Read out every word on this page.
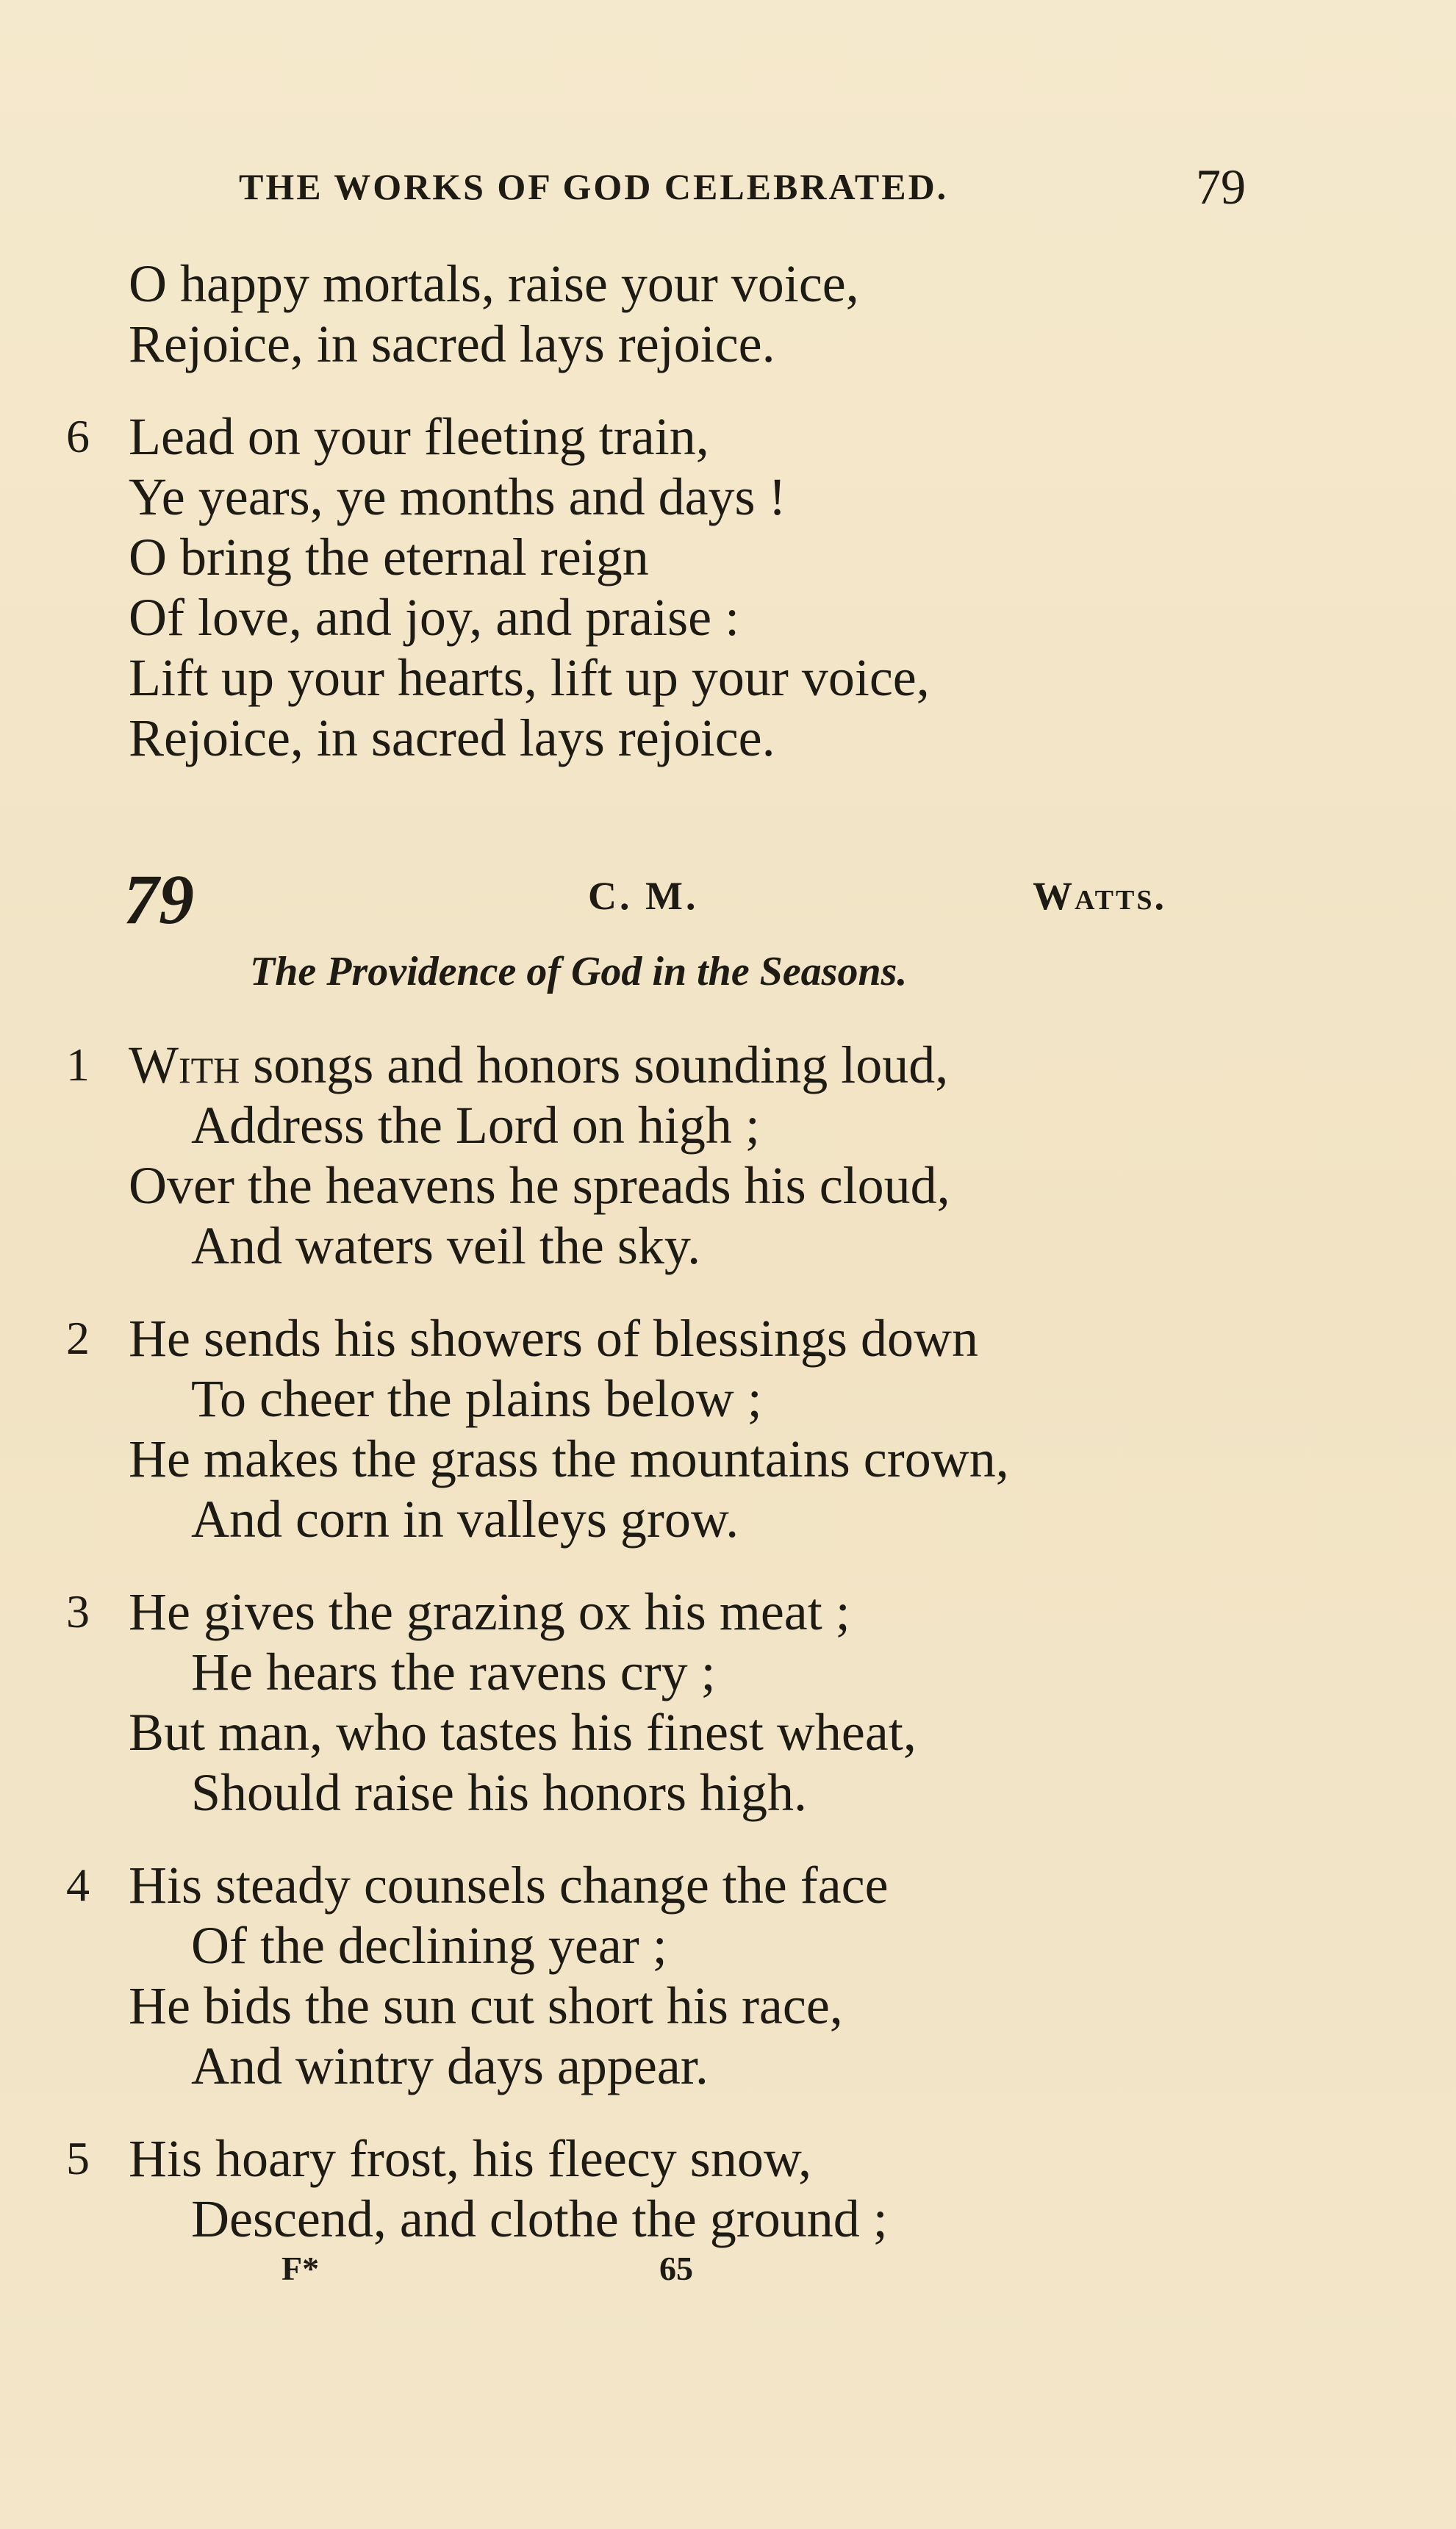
THE WORKS OF GOD CELEBRATED.	79
O happy mortals, raise your voice,
Rejoice, in sacred lays rejoice.
6 Lead on your fleeting train,
Ye years, ye months and days !
O bring the eternal reign
Of love, and joy, and praise :
Lift up your hearts, lift up your voice,
Rejoice, in sacred lays rejoice.
79	C. M.	Watts.
The Providence of God in the Seasons.
1 With songs and honors sounding loud,
Address the Lord on high ;
Over the heavens he spreads his cloud,
And waters veil the sky.
2 He sends his showers of blessings down
To cheer the plains below ;
He makes the grass the mountains crown,
And corn in valleys grow.
3 He gives the grazing ox his meat ;
He hears the ravens cry ;
But man, who tastes his finest wheat,
Should raise his honors high.
4 His steady counsels change the face
Of the declining year ;
He bids the sun cut short his race,
And wintry days appear.
5 His hoary frost, his fleecy snow,
Descend, and clothe the ground ;
F*	65
